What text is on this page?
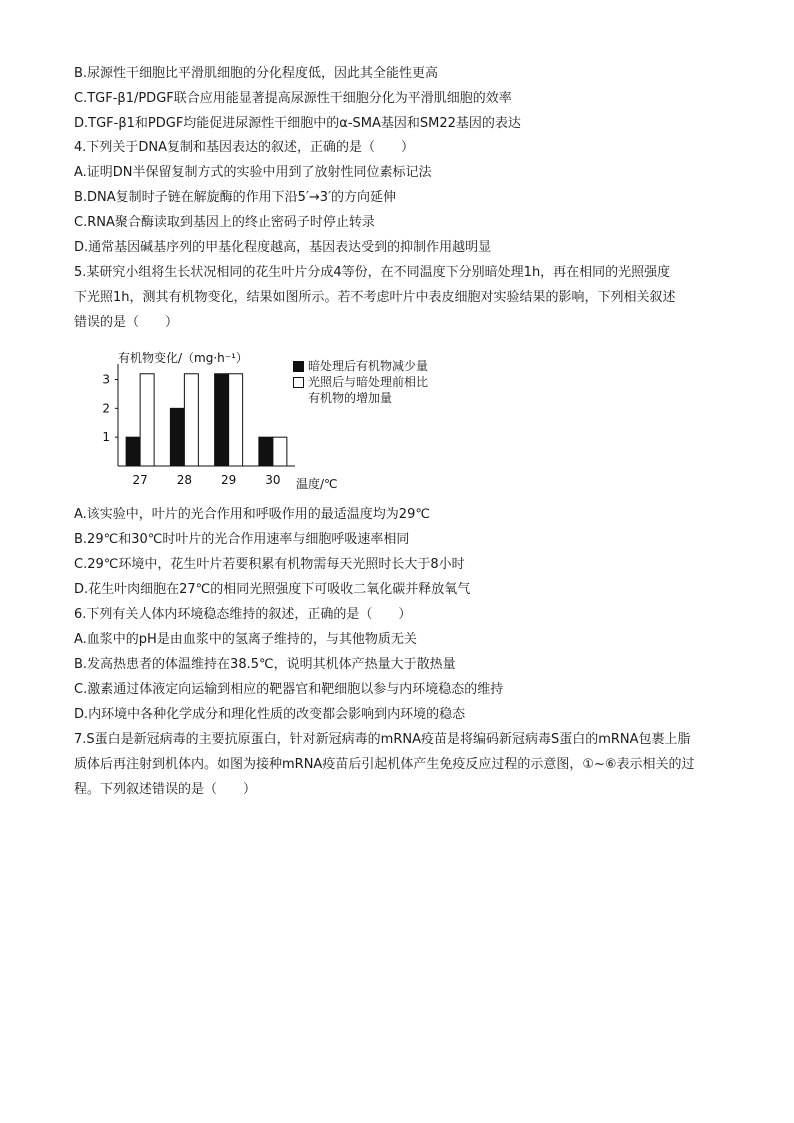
B.尿源性干细胞比平滑肌细胞的分化程度低，因此其全能性更高
C.TGF-β1/PDGF联合应用能显著提高尿源性干细胞分化为平滑肌细胞的效率
D.TGF-β1和PDGF均能促进尿源性干细胞中的α-SMA基因和SM22基因的表达
4.下列关于DNA复制和基因表达的叙述，正确的是（　　）
A.证明DN半保留复制方式的实验中用到了放射性同位素标记法
B.DNA复制时子链在解旋酶的作用下沿5′→3′的方向延伸
C.RNA聚合酶读取到基因上的终止密码子时停止转录
D.通常基因碱基序列的甲基化程度越高，基因表达受到的抑制作用越明显
5.某研究小组将生长状况相同的花生叶片分成4等份，在不同温度下分别暗处理1h，再在相同的光照强度
下光照1h，测其有机物变化，结果如图所示。若不考虑叶片中表皮细胞对实验结果的影响，下列相关叙述
错误的是（　　）
有机物变化/（mg·h⁻¹）
1
2
3
27 28 29 30 温度/℃
暗处理后有机物减少量
光照后与暗处理前相比
有机物的增加量
A.该实验中，叶片的光合作用和呼吸作用的最适温度均为29℃
B.29℃和30℃时叶片的光合作用速率与细胞呼吸速率相同
C.29℃环境中，花生叶片若要积累有机物需每天光照时长大于8小时
D.花生叶肉细胞在27℃的相同光照强度下可吸收二氧化碳并释放氧气
6.下列有关人体内环境稳态维持的叙述，正确的是（　　）
A.血浆中的pH是由血浆中的氢离子维持的，与其他物质无关
B.发高热患者的体温维持在38.5℃，说明其机体产热量大于散热量
C.激素通过体液定向运输到相应的靶器官和靶细胞以参与内环境稳态的维持
D.内环境中各种化学成分和理化性质的改变都会影响到内环境的稳态
7.S蛋白是新冠病毒的主要抗原蛋白，针对新冠病毒的mRNA疫苗是将编码新冠病毒S蛋白的mRNA包裹上脂
质体后再注射到机体内。如图为接种mRNA疫苗后引起机体产生免疫反应过程的示意图，①~⑥表示相关的过
程。下列叙述错误的是（　　）
